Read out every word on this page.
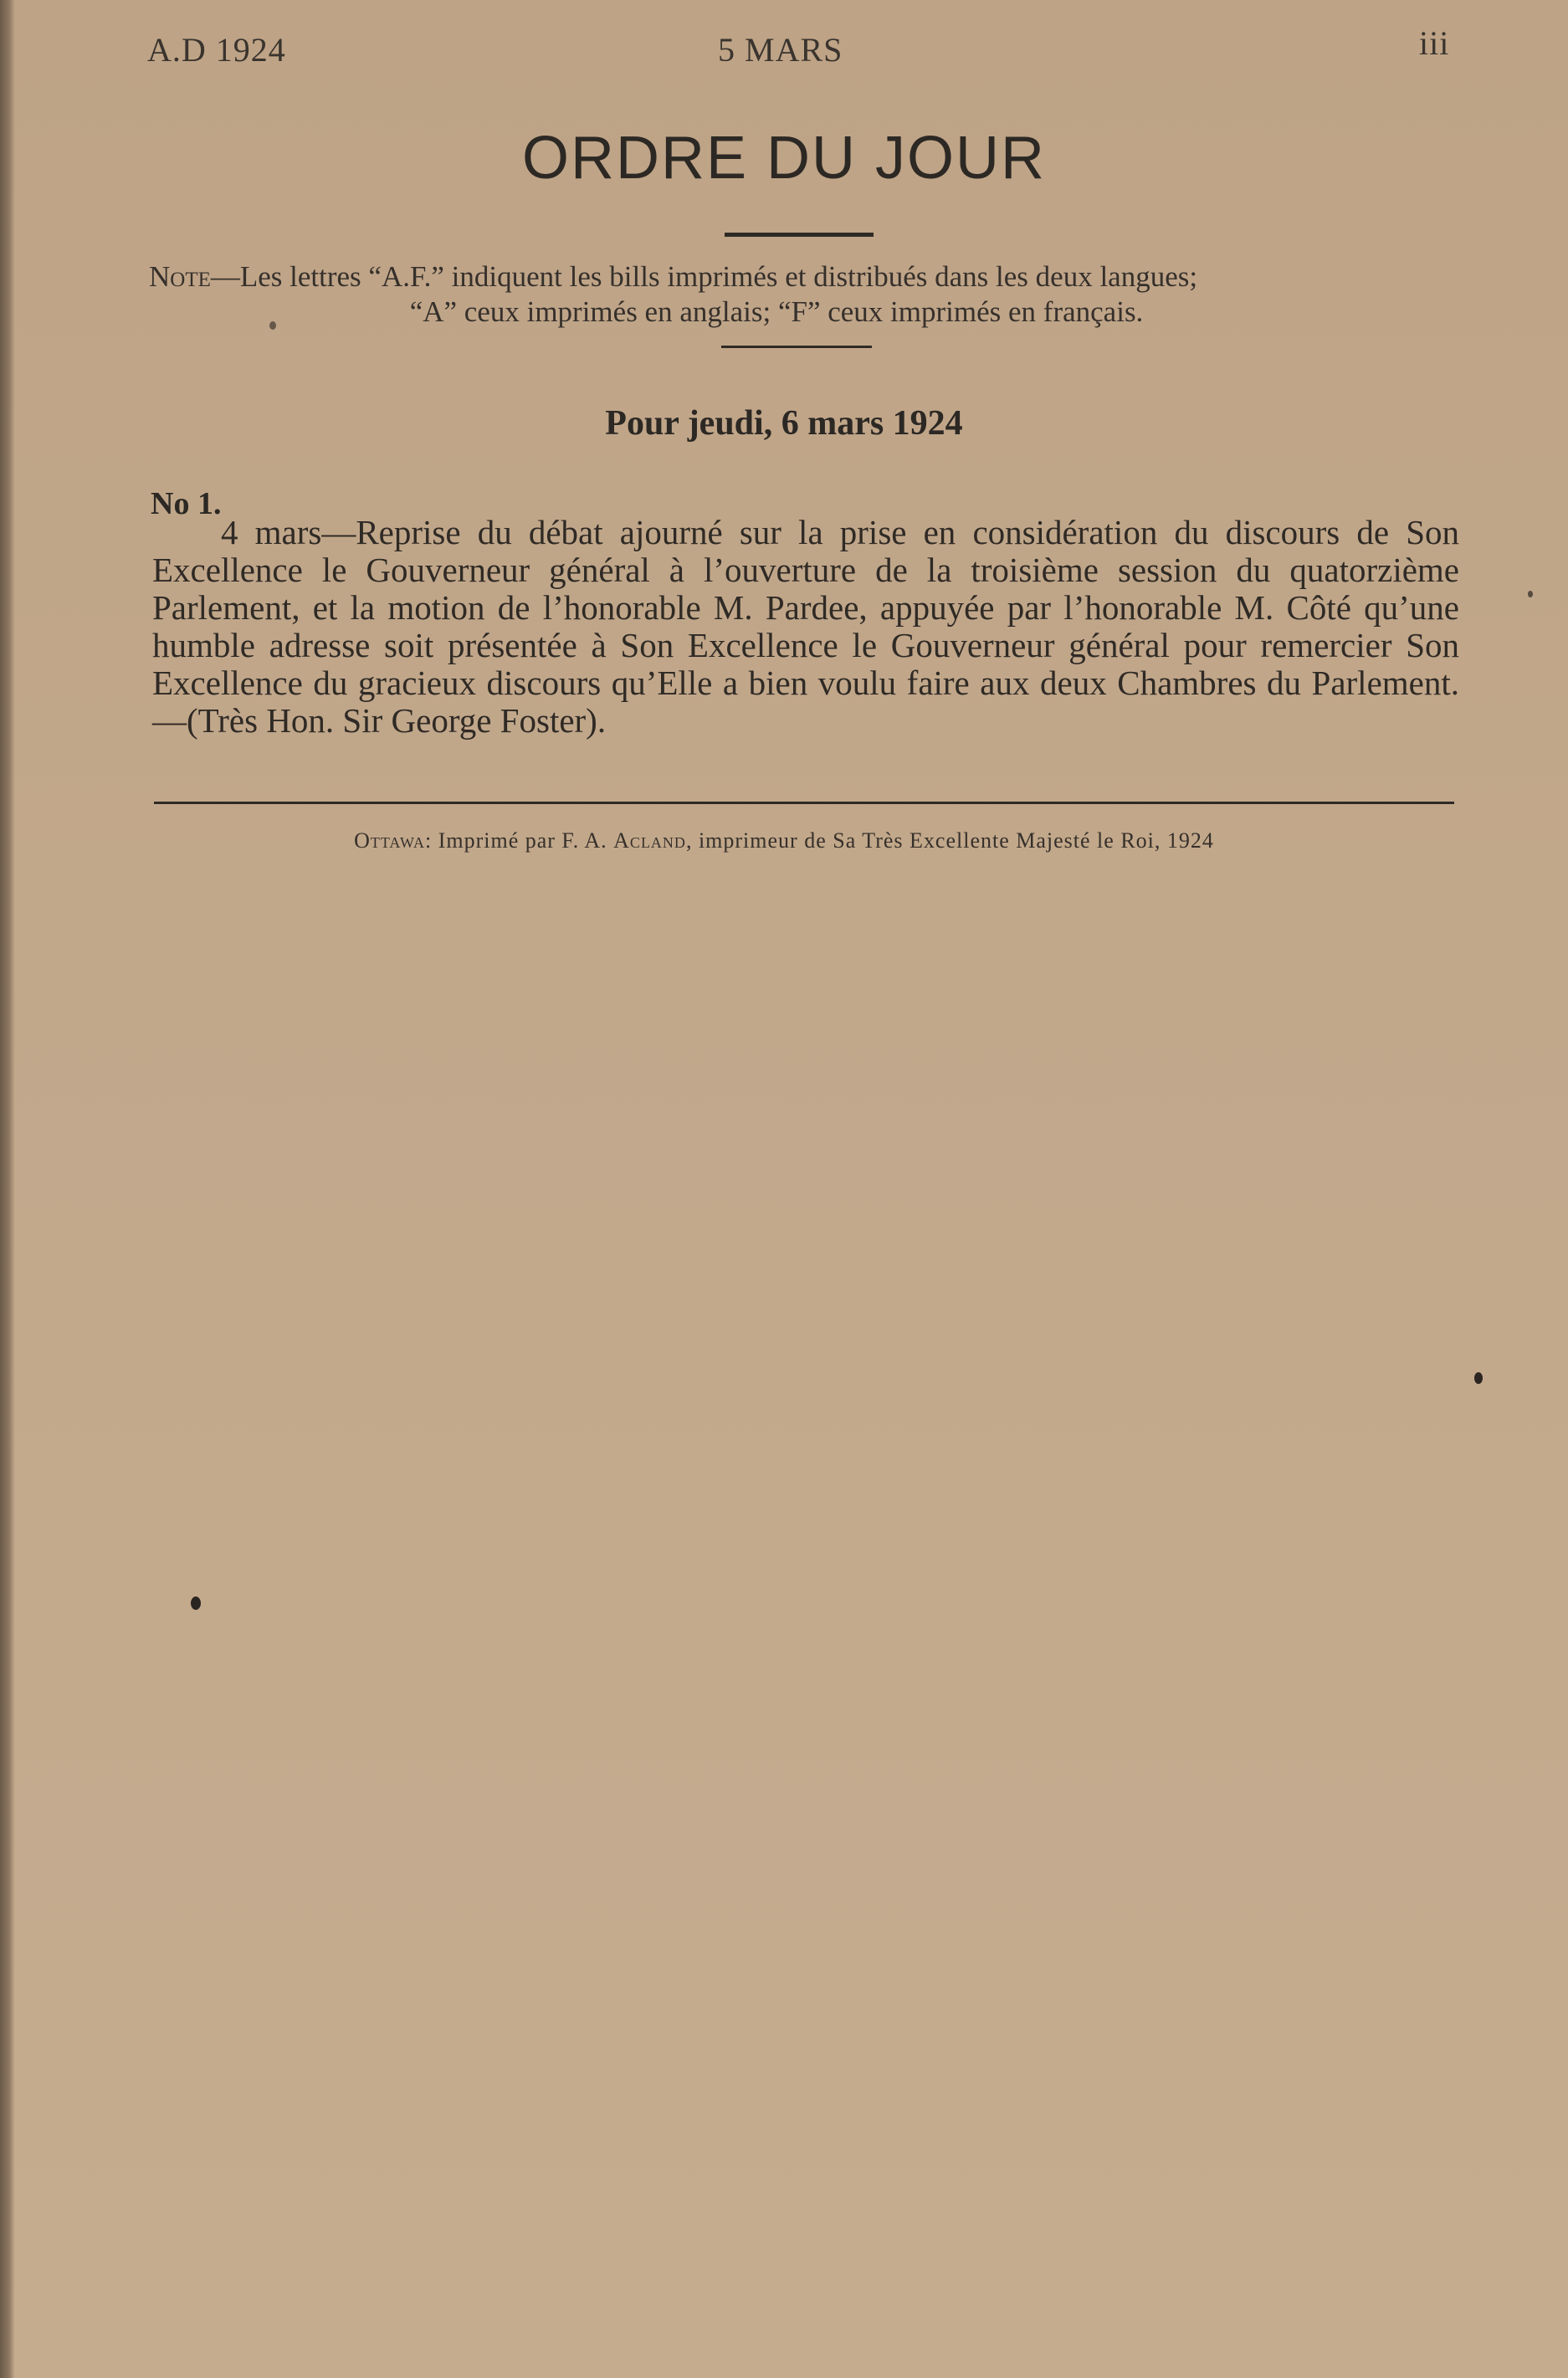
A.D 1924	5 MARS	iii
ORDRE DU JOUR
Note—Les lettres “A.F.” indiquent les bills imprimés et distribués dans les deux langues;
“A” ceux imprimés en anglais; “F” ceux imprimés en français.
Pour jeudi, 6 mars 1924
No 1.
4 mars—Reprise du débat ajourné sur la prise en considération du discours de Son Excellence le Gouverneur général à l’ouverture de la troisième session du quatorzième Parlement, et la motion de l’honorable M. Pardee, appuyée par l’honorable M. Côté qu’une humble adresse soit présentée à Son Excellence le Gouverneur général pour remercier Son Excellence du gracieux discours qu’Elle a bien voulu faire aux deux Chambres du Parlement.—(Très Hon. Sir George Foster).
Ottawa: Imprimé par F. A. Acland, imprimeur de Sa Très Excellente Majesté le Roi, 1924
